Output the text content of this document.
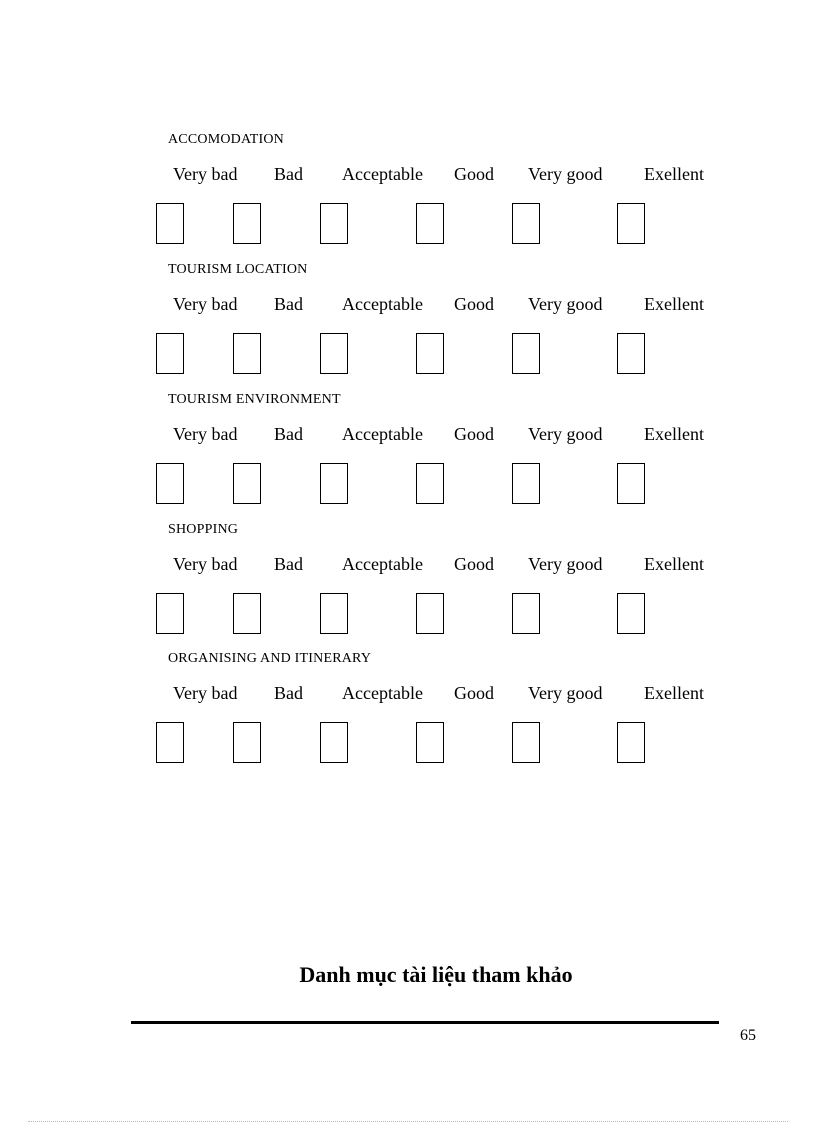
ACCOMODATION
Very bad Bad Acceptable Good Very good Exellent
TOURISM LOCATION
Very bad Bad Acceptable Good Very good Exellent
TOURISM ENVIRONMENT
Very bad Bad Acceptable Good Very good Exellent
SHOPPING
Very bad Bad Acceptable Good Very good Exellent
ORGANISING AND ITINERARY
Very bad Bad Acceptable Good Very good Exellent
Danh mục tài liệu tham khảo
65
